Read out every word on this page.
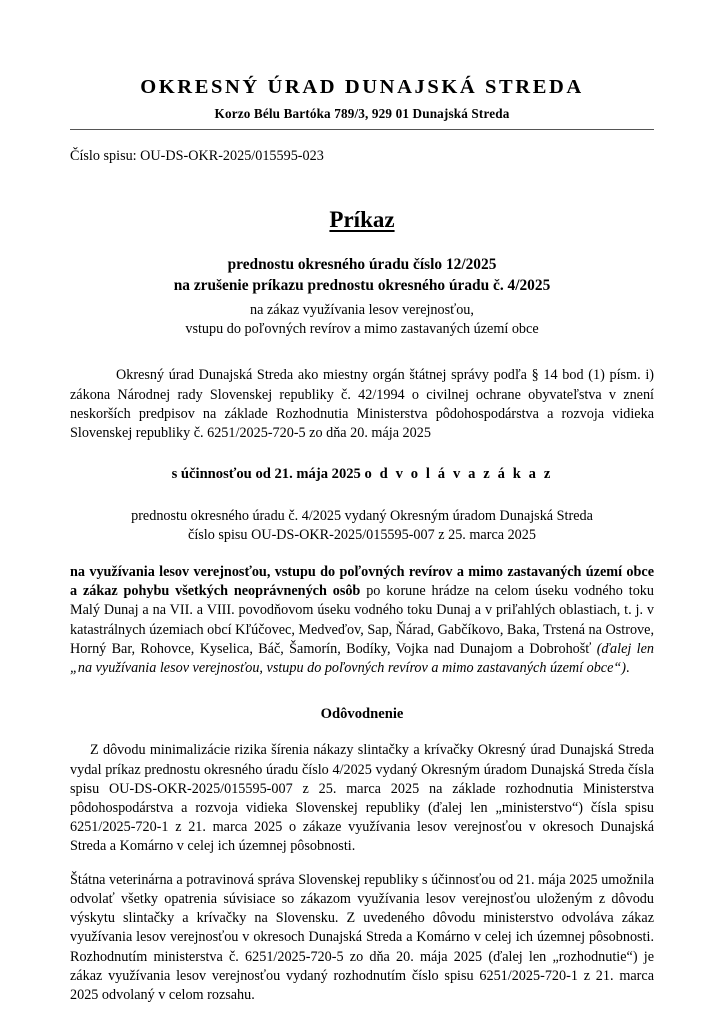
OKRESNÝ ÚRAD DUNAJSKÁ STREDA
Korzo Bélu Bartóka 789/3, 929 01 Dunajská Streda
Číslo spisu: OU-DS-OKR-2025/015595-023
Príkaz
prednostu okresného úradu číslo 12/2025
na zrušenie príkazu prednostu okresného úradu č. 4/2025
na zákaz využívania lesov verejnosťou,
vstupu do poľovných revírov a mimo zastavaných území obce

Okresný úrad Dunajská Streda ako miestny orgán štátnej správy podľa § 14 bod (1) písm. i) zákona Národnej rady Slovenskej republiky č. 42/1994 o civilnej ochrane obyvateľstva v znení neskorších predpisov na základe Rozhodnutia Ministerstva pôdohospodárstva a rozvoja vidieka Slovenskej republiky č. 6251/2025-720-5 zo dňa 20. mája 2025

s účinnosťou od 21. mája 2025 o d v o l á v a z á k a z
prednostu okresného úradu č. 4/2025 vydaný Okresným úradom Dunajská Streda
číslo spisu OU-DS-OKR-2025/015595-007 z 25. marca 2025

na využívania lesov verejnosťou, vstupu do poľovných revírov a mimo zastavaných území obce a zákaz pohybu všetkých neoprávnených osôb po korune hrádze na celom úseku vodného toku Malý Dunaj a na VII. a VIII. povodňovom úseku vodného toku Dunaj a v priľahlých oblastiach, t. j. v katastrálnych územiach obcí Kľúčovec, Medveďov, Sap, Ňárad, Gabčíkovo, Baka, Trstená na Ostrove, Horný Bar, Rohovce, Kyselica, Báč, Šamorín, Bodíky, Vojka nad Dunajom a Dobrohošť (ďalej len „na využívania lesov verejnosťou, vstupu do poľovných revírov a mimo zastavaných území obce“).

Odôvodnenie

Z dôvodu minimalizácie rizika šírenia nákazy slintačky a krívačky Okresný úrad Dunajská Streda vydal príkaz prednostu okresného úradu číslo 4/2025 vydaný Okresným úradom Dunajská Streda čísla spisu OU-DS-OKR-2025/015595-007 z 25. marca 2025 na základe rozhodnutia Ministerstva pôdohospodárstva a rozvoja vidieka Slovenskej republiky (ďalej len „ministerstvo“) čísla spisu 6251/2025-720-1 z 21. marca 2025 o zákaze využívania lesov verejnosťou v okresoch Dunajská Streda a Komárno v celej ich územnej pôsobnosti.

Štátna veterinárna a potravinová správa Slovenskej republiky s účinnosťou od 21. mája 2025 umožnila odvolať všetky opatrenia súvisiace so zákazom využívania lesov verejnosťou uloženým z dôvodu výskytu slintačky a krívačky na Slovensku. Z uvedeného dôvodu ministerstvo odvoláva zákaz využívania lesov verejnosťou v okresoch Dunajská Streda a Komárno v celej ich územnej pôsobnosti. Rozhodnutím ministerstva č. 6251/2025-720-5 zo dňa 20. mája 2025 (ďalej len „rozhodnutie“) je zákaz využívania lesov verejnosťou vydaný rozhodnutím číslo spisu 6251/2025-720-1 z 21. marca 2025 odvolaný v celom rozsahu.
